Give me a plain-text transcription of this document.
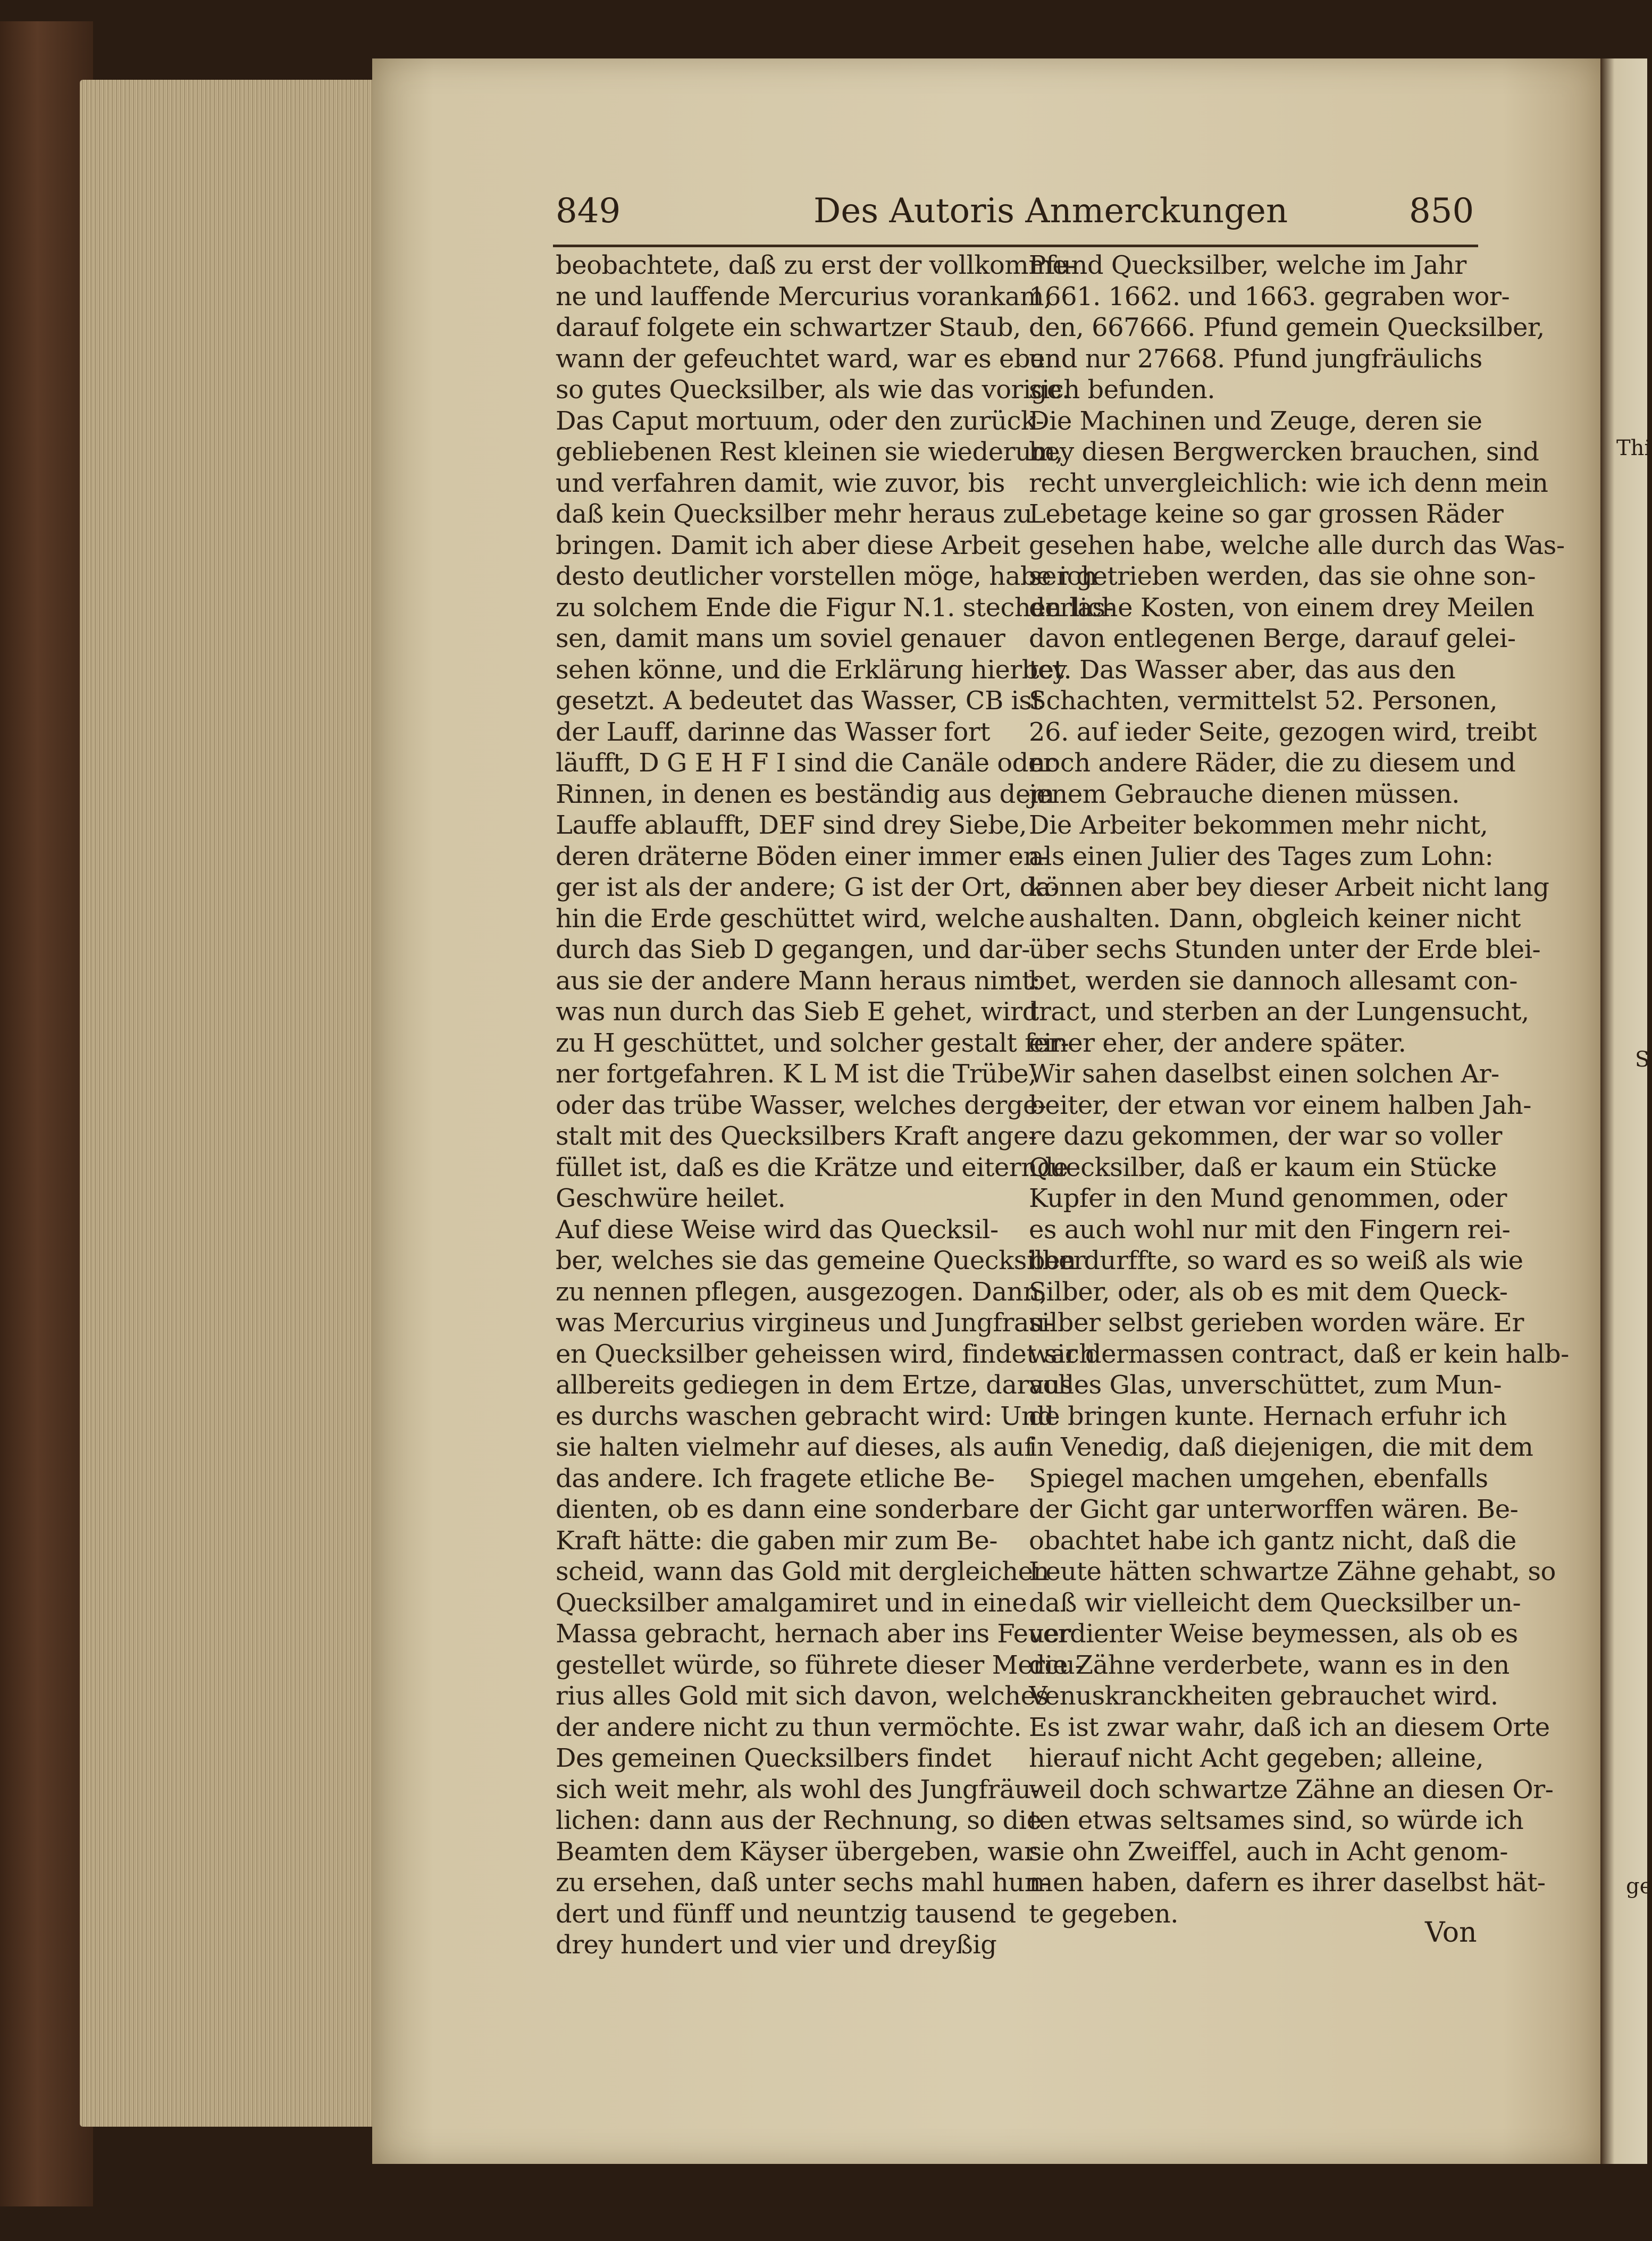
Thi
S
ge
849	Des Autoris Anmerckungen	850
beobachtete, daß zu erst der vollkomme-
ne und lauffende Mercurius vorankam,
darauf folgete ein schwartzer Staub,
wann der gefeuchtet ward, war es eben
so gutes Quecksilber, als wie das vorige.
Das Caput mortuum, oder den zurück-
gebliebenen Rest kleinen sie wiederum,
und verfahren damit, wie zuvor, bis
daß kein Quecksilber mehr heraus zu
bringen. Damit ich aber diese Arbeit
desto deutlicher vorstellen möge, habe ich
zu solchem Ende die Figur N.1. stechen las-
sen, damit mans um soviel genauer
sehen könne, und die Erklärung hierbey
gesetzt. A bedeutet das Wasser, CB ist
der Lauff, darinne das Wasser fort
läufft, D G E H F I sind die Canäle oder
Rinnen, in denen es beständig aus dem
Lauffe ablaufft, DEF sind drey Siebe,
deren dräterne Böden einer immer en-
ger ist als der andere; G ist der Ort, da-
hin die Erde geschüttet wird, welche
durch das Sieb D gegangen, und dar-
aus sie der andere Mann heraus nimt:
was nun durch das Sieb E gehet, wird
zu H geschüttet, und solcher gestalt fer-
ner fortgefahren. K L M ist die Trübe,
oder das trübe Wasser, welches derge-
stalt mit des Quecksilbers Kraft ange-
füllet ist, daß es die Krätze und eiternde
Geschwüre heilet.
Auf diese Weise wird das Quecksil-
ber, welches sie das gemeine Quecksilber
zu nennen pflegen, ausgezogen. Dann,
was Mercurius virgineus und Jungfrau-
en Quecksilber geheissen wird, findet sich
allbereits gediegen in dem Ertze, daraus
es durchs waschen gebracht wird: Und
sie halten vielmehr auf dieses, als auf
das andere. Ich fragete etliche Be-
dienten, ob es dann eine sonderbare
Kraft hätte: die gaben mir zum Be-
scheid, wann das Gold mit dergleichen
Quecksilber amalgamiret und in eine
Massa gebracht, hernach aber ins Feuer
gestellet würde, so führete dieser Mercu-
rius alles Gold mit sich davon, welches
der andere nicht zu thun vermöchte.
Des gemeinen Quecksilbers findet
sich weit mehr, als wohl des Jungfräu-
lichen: dann aus der Rechnung, so die
Beamten dem Käyser übergeben, war
zu ersehen, daß unter sechs mahl hun-
dert und fünff und neuntzig tausend
drey hundert und vier und dreyßig
Pfund Quecksilber, welche im Jahr
1661. 1662. und 1663. gegraben wor-
den, 667666. Pfund gemein Quecksilber,
und nur 27668. Pfund jungfräulichs
sich befunden.
Die Machinen und Zeuge, deren sie
bey diesen Bergwercken brauchen, sind
recht unvergleichlich: wie ich denn mein
Lebetage keine so gar grossen Räder
gesehen habe, welche alle durch das Was-
ser getrieben werden, das sie ohne son-
derliche Kosten, von einem drey Meilen
davon entlegenen Berge, darauf gelei-
tet. Das Wasser aber, das aus den
Schachten, vermittelst 52. Personen,
26. auf ieder Seite, gezogen wird, treibt
noch andere Räder, die zu diesem und
jenem Gebrauche dienen müssen.
Die Arbeiter bekommen mehr nicht,
als einen Julier des Tages zum Lohn:
können aber bey dieser Arbeit nicht lang
aushalten. Dann, obgleich keiner nicht
über sechs Stunden unter der Erde blei-
bet, werden sie dannoch allesamt con-
tract, und sterben an der Lungensucht,
einer eher, der andere später.
Wir sahen daselbst einen solchen Ar-
beiter, der etwan vor einem halben Jah-
re dazu gekommen, der war so voller
Quecksilber, daß er kaum ein Stücke
Kupfer in den Mund genommen, oder
es auch wohl nur mit den Fingern rei-
ben durffte, so ward es so weiß als wie
Silber, oder, als ob es mit dem Queck-
silber selbst gerieben worden wäre. Er
war dermassen contract, daß er kein halb-
volles Glas, unverschüttet, zum Mun-
de bringen kunte. Hernach erfuhr ich
in Venedig, daß diejenigen, die mit dem
Spiegel machen umgehen, ebenfalls
der Gicht gar unterworffen wären. Be-
obachtet habe ich gantz nicht, daß die
Leute hätten schwartze Zähne gehabt, so
daß wir vielleicht dem Quecksilber un-
verdienter Weise beymessen, als ob es
die Zähne verderbete, wann es in den
Venuskranckheiten gebrauchet wird.
Es ist zwar wahr, daß ich an diesem Orte
hierauf nicht Acht gegeben; alleine,
weil doch schwartze Zähne an diesen Or-
ten etwas seltsames sind, so würde ich
sie ohn Zweiffel, auch in Acht genom-
men haben, dafern es ihrer daselbst hät-
te gegeben.
Von
